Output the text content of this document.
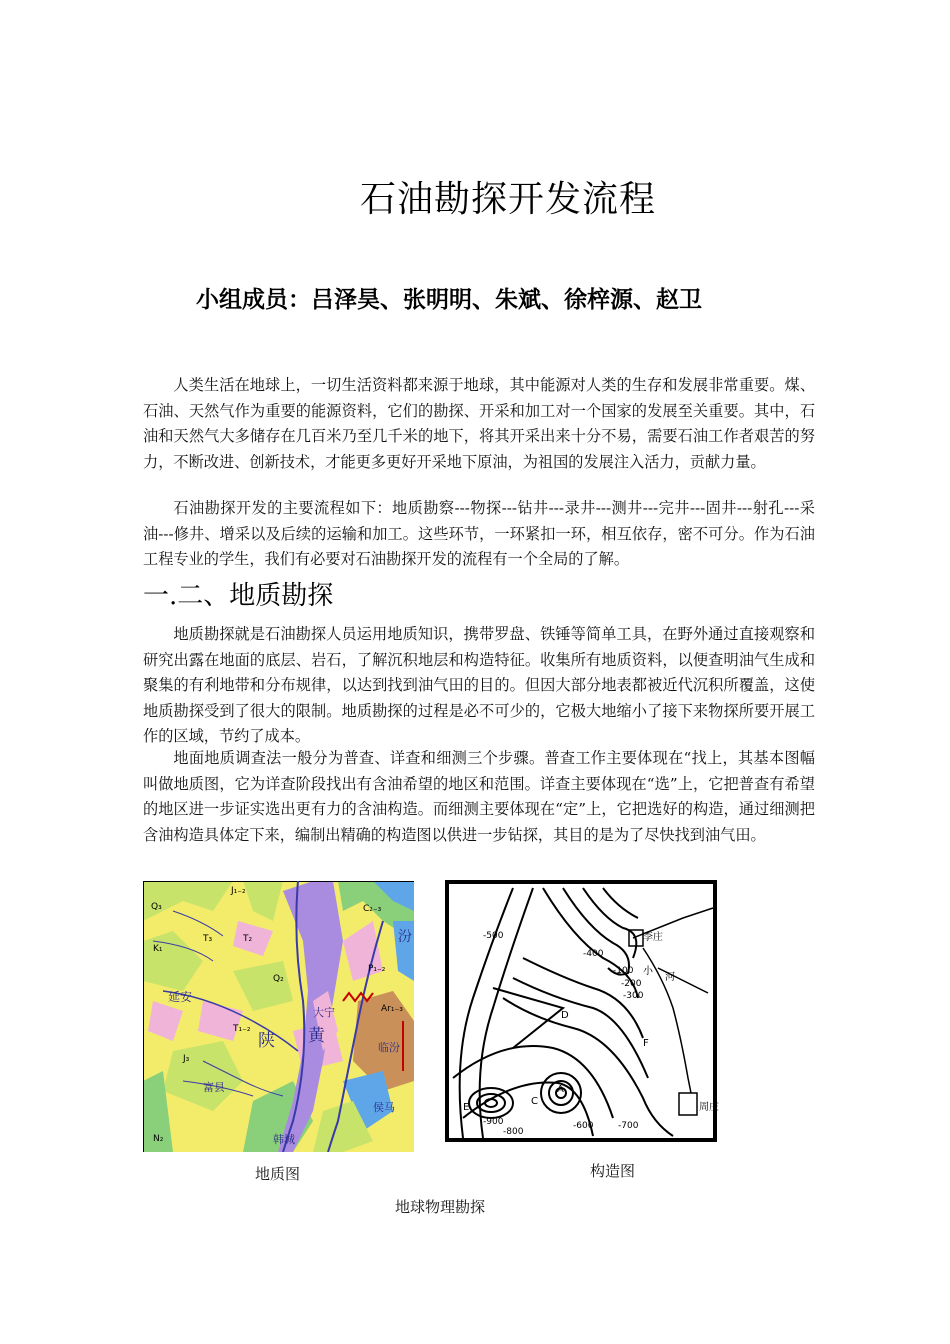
石油勘探开发流程
小组成员：吕泽昊、张明明、朱斌、徐梓源、赵卫

人类生活在地球上，一切生活资料都来源于地球，其中能源对人类的生存和发展非常重要。煤、石油、天然气作为重要的能源资料，它们的勘探、开采和加工对一个国家的发展至关重要。其中，石油和天然气大多储存在几百米乃至几千米的地下，将其开采出来十分不易，需要石油工作者艰苦的努力，不断改进、创新技术，才能更多更好开采地下原油，为祖国的发展注入活力，贡献力量。

石油勘探开发的主要流程如下：地质勘察---物探---钻井---录井---测井---完井---固井---射孔---采油---修井、增采以及后续的运输和加工。这些环节，一环紧扣一环，相互依存，密不可分。作为石油工程专业的学生，我们有必要对石油勘探开发的流程有一个全局的了解。

一.二、地质勘探

地质勘探就是石油勘探人员运用地质知识，携带罗盘、铁锤等简单工具，在野外通过直接观察和研究出露在地面的底层、岩石，了解沉积地层和构造特征。收集所有地质资料，以便查明油气生成和聚集的有利地带和分布规律，以达到找到油气田的目的。但因大部分地表都被近代沉积所覆盖，这使地质勘探受到了很大的限制。地质勘探的过程是必不可少的，它极大地缩小了接下来物探所要开展工作的区域，节约了成本。

地面地质调查法一般分为普查、详查和细测三个步骤。普查工作主要体现在“找上，其基本图幅叫做地质图，它为详查阶段找出有含油希望的地区和范围。详查主要体现在“选”上，它把普查有希望的地区进一步证实选出更有力的含油构造。而细测主要体现在“定”上，它把选好的构造，通过细测把含油构造具体定下来，编制出精确的构造图以供进一步钻探，其目的是为了尽快找到油气田。

J₁₋₂
Q₃
T₃
K₁
T₁₋₂
延安
陕 黄
富县
韩城
大宁
临汾
侯马
C₂₋₃
P₁₋₂
N₂
J₃
Q₂
T₂
Ar₁₋₃
汾
地质图
李庄
周庄
河
小
D
F
C
A
E
-300
-200
-100
-400
-500
-600	-700
-800
-900
构造图
地球物理勘探
